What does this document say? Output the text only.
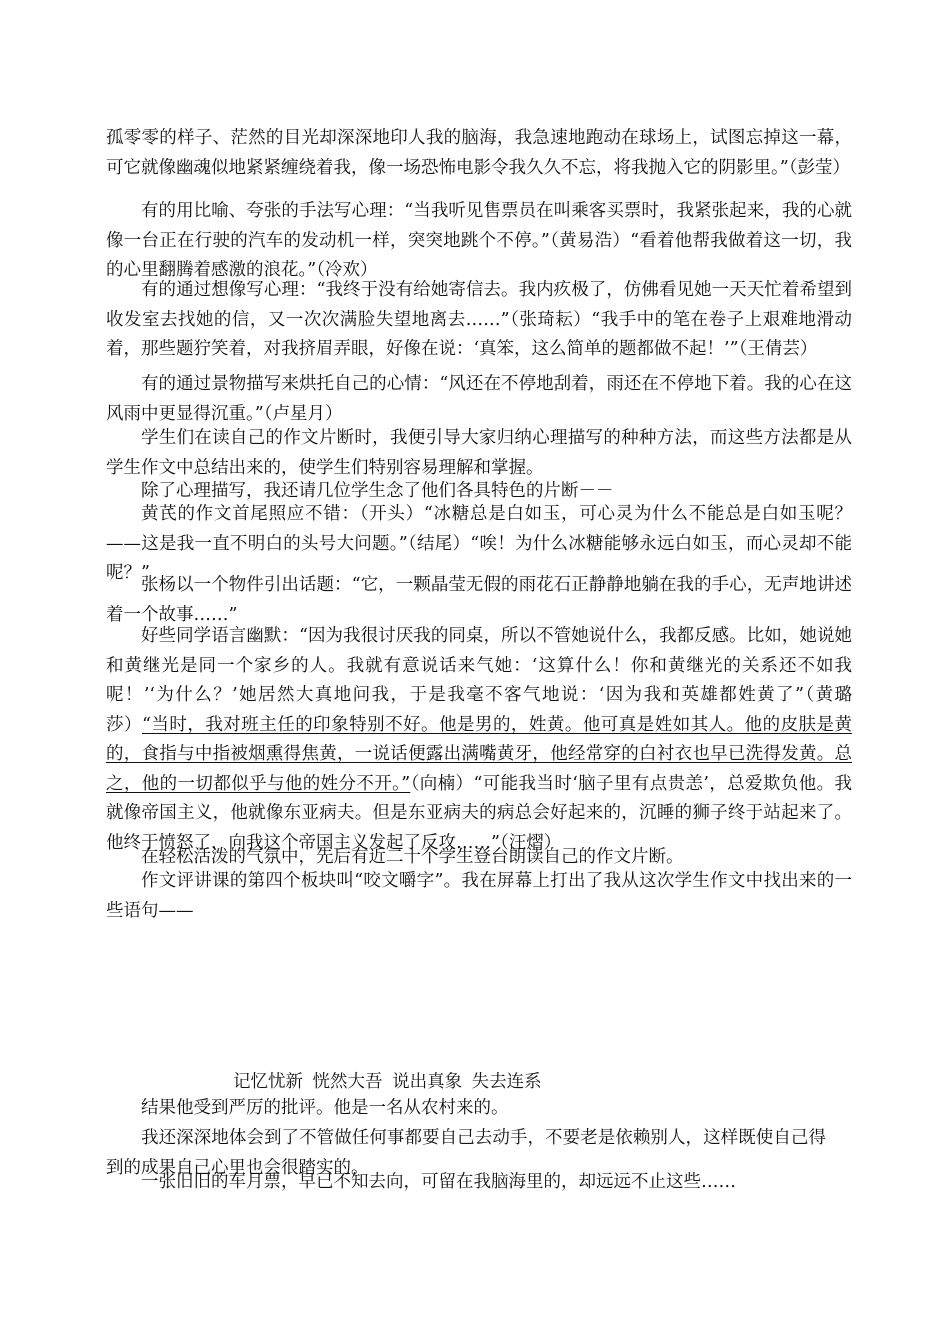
孤零零的样子、茫然的目光却深深地印人我的脑海，我急速地跑动在球场上，试图忘掉这一幕，可它就像幽魂似地紧紧缠绕着我，像一场恐怖电影令我久久不忘，将我抛入它的阴影里。”（彭莹）
有的用比喻、夸张的手法写心理：“当我听见售票员在叫乘客买票时，我紧张起来，我的心就像一台正在行驶的汽车的发动机一样，突突地跳个不停。”（黄易浩）“看着他帮我做着这一切，我的心里翻腾着感激的浪花。”（冷欢）
有的通过想像写心理：“我终于没有给她寄信去。我内疚极了，仿佛看见她一天天忙着希望到收发室去找她的信，又一次次满脸失望地离去……”（张琦耘）“我手中的笔在卷子上艰难地滑动着，那些题狞笑着，对我挤眉弄眼，好像在说：‘真笨，这么简单的题都做不起！’”（王倩芸）
有的通过景物描写来烘托自己的心情：“风还在不停地刮着，雨还在不停地下着。我的心在这风雨中更显得沉重。”（卢星月）
学生们在读自己的作文片断时，我便引导大家归纳心理描写的种种方法，而这些方法都是从学生作文中总结出来的，使学生们特别容易理解和掌握。
除了心理描写，我还请几位学生念了他们各具特色的片断－－
黄芪的作文首尾照应不错：（开头）“冰糖总是白如玉，可心灵为什么不能总是白如玉呢？——这是我一直不明白的头号大问题。”（结尾）“唉！为什么冰糖能够永远白如玉，而心灵却不能呢？”
张杨以一个物件引出话题：“它，一颗晶莹无假的雨花石正静静地躺在我的手心，无声地讲述着一个故事……”
好些同学语言幽默：“因为我很讨厌我的同桌，所以不管她说什么，我都反感。比如，她说她和黄继光是同一个家乡的人。我就有意说话来气她：‘这算什么！你和黄继光的关系还不如我呢！’‘为什么？’她居然大真地问我，于是我毫不客气地说：‘因为我和英雄都姓黄了”（黄璐莎）“当时，我对班主任的印象特别不好。他是男的，姓黄。他可真是姓如其人。他的皮肤是黄的，食指与中指被烟熏得焦黄，一说话便露出满嘴黄牙，他经常穿的白衬衣也早已洗得发黄。总之，他的一切都似乎与他的姓分不开。”（向楠）“可能我当时‘脑子里有点贵恙’，总爱欺负他。我就像帝国主义，他就像东亚病夫。但是东亚病夫的病总会好起来的，沉睡的狮子终于站起来了。他终于愤怒了，向我这个帝国主义发起了反攻……”（汪熠）
在轻松活泼的气氛中，先后有近二十个学生登台朗读自己的作文片断。
作文评讲课的第四个板块叫“咬文嚼字”。我在屏幕上打出了我从这次学生作文中找出来的一些语句——
记忆忧新 恍然大吾 说出真象 失去连系
结果他受到严厉的批评。他是一名从农村来的。
我还深深地体会到了不管做任何事都要自己去动手，不要老是依赖别人，这样既使自己得到的成果自己心里也会很踏实的。
一张旧旧的车月票，早已不知去向，可留在我脑海里的，却远远不止这些……
